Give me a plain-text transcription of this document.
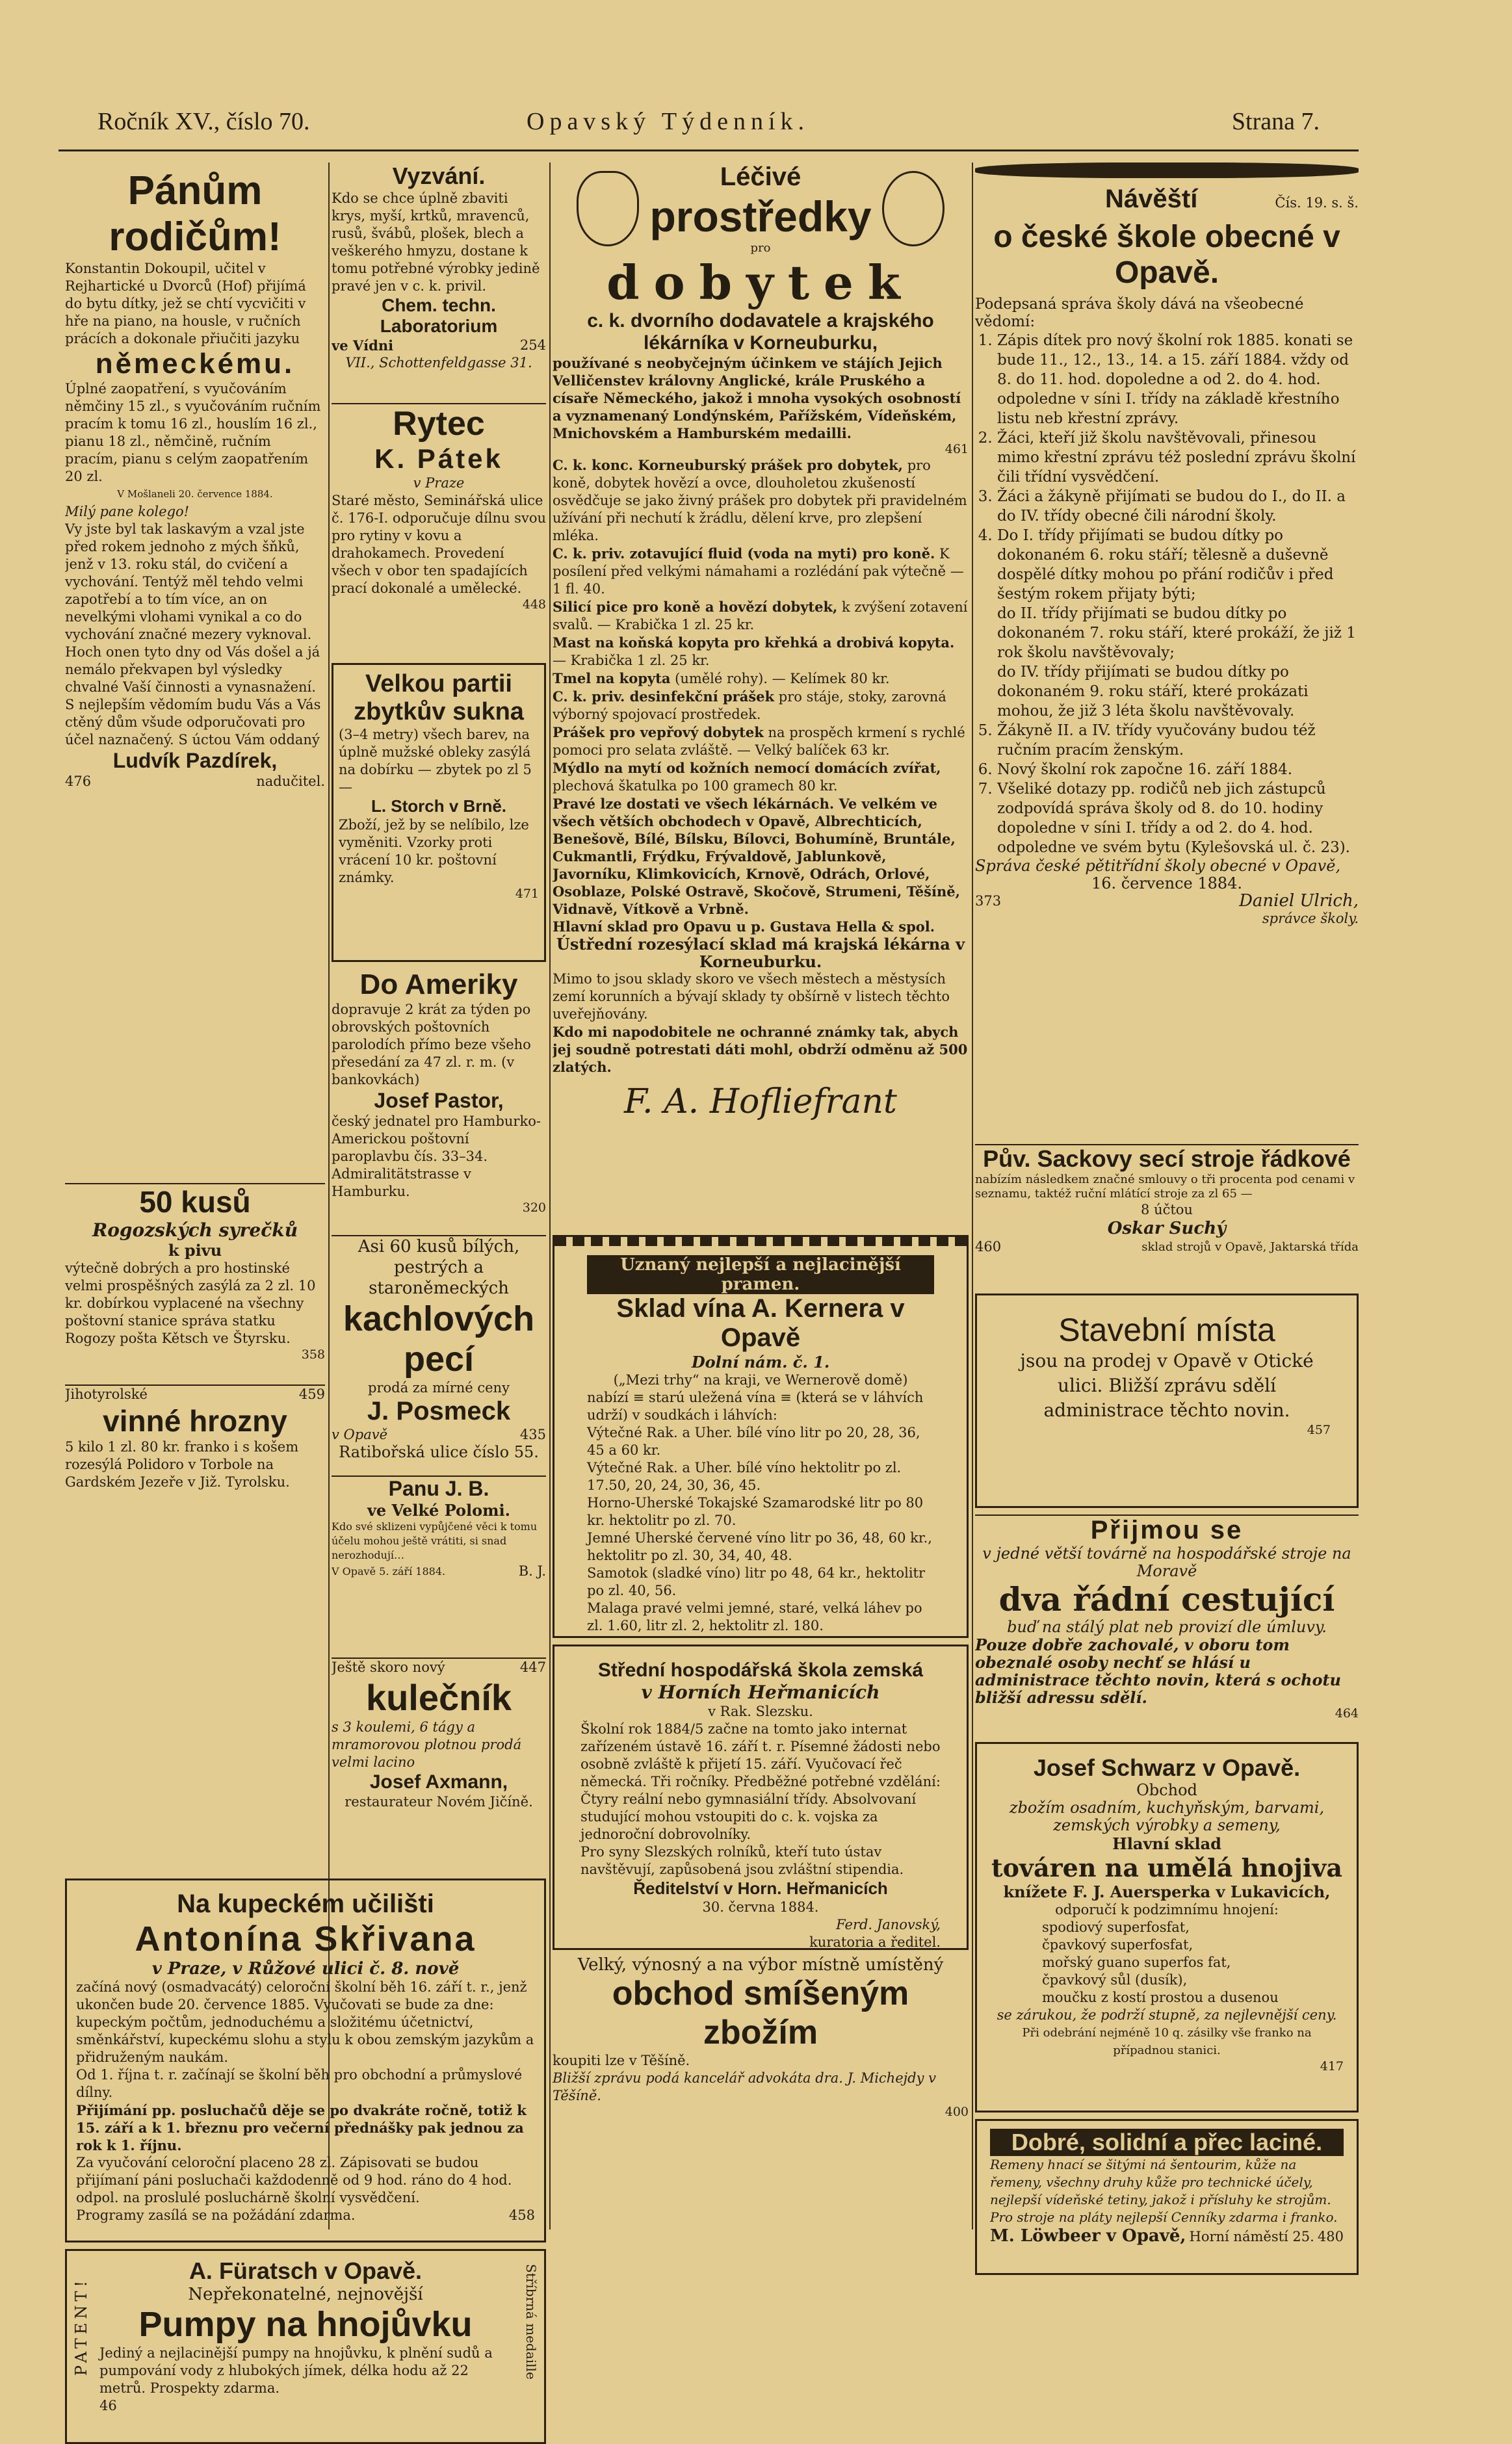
Ročník XV., číslo 70.	Opavský Týdenník.	Strana 7.
Pánům rodičům!

Konstantin Dokoupil, učitel v Rejhartické u Dvorců (Hof) přijímá do bytu dítky, jež se chtí vycvičiti v hře na piano, na housle, v ručních prácích a dokonale přiučiti jazyku

německému.

Úplné zaopatření, s vyučováním němčiny 15 zl., s vyučováním ručním pracím k tomu 16 zl., houslím 16 zl., pianu 18 zl., němčině, ručním pracím, pianu s celým zaopatřením 20 zl.

V Mošlaneli 20. července 1884.

Milý pane kolego!

Vy jste byl tak laskavým a vzal jste před rokem jednoho z mých šňků, jenž v 13. roku stál, do cvičení a vychování. Tentýž měl tehdo velmi zapotřebí a to tím více, an on nevelkými vlohami vynikal a co do vychování značné mezery vyknoval. Hoch onen tyto dny od Vás došel a já nemálo překvapen byl výsledky chvalné Vaší činnosti a vynasnažení.

S nejlepším vědomím budu Vás a Vás ctěný dům všude odporučovati pro účel naznačený. S úctou Vám oddaný

Ludvík Pazdírek,
476	nadučitel.
50 kusů
Rogozských syrečků
k pivu

výtečně dobrých a pro hostinské velmi prospěšných zasýlá za 2 zl. 10 kr. dobírkou vyplacené na všechny poštovní stanice správa statku Rogozy pošta Kětsch ve Štyrsku.

358
Jihotyrolské	459
vinné hrozny

5 kilo 1 zl. 80 kr. franko i s košem rozesýlá Polidoro v Torbole na Gardském Jezeře v Již. Tyrolsku.

Vyzvání.

Kdo se chce úplně zbaviti krys, myší, krtků, mravenců, rusů, švábů, plošek, blech a veškerého hmyzu, dostane k tomu potřebné výrobky jedině pravé jen v c. k. privil.

Chem. techn. Laboratorium
ve Vídni	254

VII., Schottenfeldgasse 31.

Rytec
K. Pátek
v Praze

Staré město, Seminářská ulice č. 176-I. odporučuje dílnu svou pro rytiny v kovu a drahokamech. Provedení všech v obor ten spadajících prací dokonalé a umělecké.

448
Velkou partii zbytkův sukna

(3–4 metry) všech barev, na úplně mužské obleky zasýlá na dobírku — zbytek po zl 5 —

L. Storch v Brně.

Zboží, jež by se nelíbilo, lze vyměniti. Vzorky proti vrácení 10 kr. poštovní známky.

471
Do Ameriky

dopravuje 2 krát za týden po obrovských poštovních parolodích přímo beze všeho přesedání za 47 zl. r. m. (v bankovkách)

Josef Pastor,

český jednatel pro Hamburko-Americkou poštovní paroplavbu čís. 33–34. Admiralitätstrasse v Hamburku.

320

Asi 60 kusů bílých, pestrých a staroněmeckých

kachlových pecí

prodá za mírné ceny

J. Posmeck
v Opavě	435
Ratibořská ulice číslo 55.
Panu J. B.
ve Velké Polomi.

Kdo své sklizeni vypůjčené věci k tomu účelu mohou ještě vrátiti, si snad nerozhodují…

V Opavě 5. září 1884.	B. J.
Ještě skoro nový	447
kulečník

s 3 koulemi, 6 tágy a mramorovou plotnou prodá velmi lacino

Josef Axmann,
restaurateur Novém Jičíně.
Na kupeckém učilišti
Antonína Skřivana
v Praze, v Růžové ulici č. 8. nově

začíná nový (osmadvacátý) celoroční školní běh 16. září t. r., jenž ukončen bude 20. července 1885. Vyučovati se bude za dne: kupeckým počtům, jednoduchému a složitému účetnictví, směnkářství, kupeckému slohu a stylu k obou zemským jazykům a přidruženým naukám.

Od 1. října t. r. začínají se školní běh pro obchodní a průmyslové dílny.

Přijímání pp. posluchačů děje se po dvakráte ročně, totiž k 15. září a k 1. březnu pro večerní přednášky pak jednou za rok k 1. říjnu.

Za vyučování celoroční placeno 28 zl. Zápisovati se budou přijímaní páni posluchači každodenně od 9 hod. ráno do 4 hod. odpol. na proslulé posluchárně školní vysvědčení.

Programy zasílá se na požádání zdarma.	458
PATENT!	Stříbrná medaille
A. Füratsch v Opavě.
Nepřekonatelné, nejnovější
Pumpy na hnojůvku

Jediný a nejlacinější pumpy na hnojůvku, k plnění sudů a pumpování vody z hlubokých jímek, délka hodu až 22 metrů. Prospekty zdarma.

46
Léčivé
prostředky
pro
dobytek
c. k. dvorního dodavatele a krajského lékárníka v Korneuburku,

používané s neobyčejným účinkem ve stájích Jejich Velličenstev královny Anglické, krále Pruského a císaře Německého, jakož i mnoha vysokých osobností a vyznamenaný Londýnském, Pařížském, Vídeňském, Mnichovském a Hamburském medailli.

461

C. k. konc. Korneuburský prášek pro dobytek, pro koně, dobytek hovězí a ovce, dlouholetou zkušeností osvědčuje se jako živný prášek pro dobytek při pravidelném užívání při nechutí k žrádlu, dělení krve, pro zlepšení mléka.

C. k. priv. zotavující fluid (voda na myti) pro koně. K posílení před velkými námahami a rozlédání pak výtečně — 1 fl. 40.

Silicí pice pro koně a hovězí dobytek, k zvýšení zotavení svalů. — Krabička 1 zl. 25 kr.

Mast na koňská kopyta pro křehká a drobivá kopyta. — Krabička 1 zl. 25 kr.

Tmel na kopyta (umělé rohy). — Kelímek 80 kr.

C. k. priv. desinfekční prášek pro stáje, stoky, zarovná výborný spojovací prostředek.

Prášek pro vepřový dobytek na prospěch krmení s rychlé pomoci pro selata zvláště. — Velký balíček 63 kr.

Mýdlo na mytí od kožních nemocí domácích zvířat, plechová škatulka po 100 gramech 80 kr.

Pravé lze dostati ve všech lékárnách. Ve velkém ve všech větších obchodech v Opavě, Albrechticích, Benešově, Bílé, Bílsku, Bílovci, Bohumíně, Bruntále, Cukmantli, Frýdku, Frývaldově, Jablunkově, Javorníku, Klimkovicích, Krnově, Odrách, Orlové, Osoblaze, Polské Ostravě, Skočově, Strumeni, Těšíně, Vidnavě, Vítkově a Vrbně.

Hlavní sklad pro Opavu u p. Gustava Hella & spol.

Ústřední rozesýlací sklad má krajská lékárna v Korneuburku.

Mimo to jsou sklady skoro ve všech městech a městysích zemí korunních a bývají sklady ty obšírně v listech těchto uveřejňovány.

Kdo mi napodobitele ne ochranné známky tak, abych jej soudně potrestati dáti mohl, obdrží odměnu až 500 zlatých.

F. A. Hofliefrant
Uznaný nejlepší a nejlacinější pramen.
Sklad vína A. Kernera v Opavě
Dolní nám. č. 1.
(„Mezi trhy“ na kraji, ve Wernerově domě)

nabízí ≡ starú uležená vína ≡ (která se v láhvích udrží) v soudkách i láhvích:

Výtečné Rak. a Uher. bílé víno litr po 20, 28, 36, 45 a 60 kr.

Výtečné Rak. a Uher. bílé víno hektolitr po zl. 17.50, 20, 24, 30, 36, 45.

Horno-Uherské Tokajské Szamarodské litr po 80 kr. hektolitr po zl. 70.

Jemné Uherské červené víno litr po 36, 48, 60 kr., hektolitr po zl. 30, 34, 40, 48.

Samotok (sladké víno) litr po 48, 64 kr., hektolitr po zl. 40, 56.

Malaga pravé velmi jemné, staré, velká láhev po zl. 1.60, litr zl. 2, hektolitr zl. 180.

Střední hospodářská škola zemská
v Horních Heřmanicích
v Rak. Slezsku.

Školní rok 1884/5 začne na tomto jako internat zařízeném ústavě 16. září t. r. Písemné žádosti nebo osobně zvláště k přijetí 15. září. Vyučovací řeč německá. Tři ročníky. Předběžné potřebné vzdělání: Čtyry reální nebo gymnasiální třídy. Absolvovaní studující mohou vstoupiti do c. k. vojska za jednoroční dobrovolníky.

Pro syny Slezských rolníků, kteří tuto ústav navštěvují, zapůsobená jsou zvláštní stipendia.

Ředitelství v Horn. Heřmanicích
30. června 1884.
Ferd. Janovský,
kuratoria a ředitel.

Velký, výnosný a na výbor místně umístěný

obchod smíšeným zbožím

koupiti lze v Těšíně.

Bližší zprávu podá kancelář advokáta dra. J. Michejdy v Těšíně.

400
Návěští	Čís. 19. s. š.
o české škole obecné v Opavě.

Podepsaná správa školy dává na všeobecné vědomí:

1. Zápis dítek pro nový školní rok 1885. konati se bude 11., 12., 13., 14. a 15. září 1884. vždy od 8. do 11. hod. dopoledne a od 2. do 4. hod. odpoledne v síni I. třídy na základě křestního listu neb křestní zprávy.
2. Žáci, kteří již školu navštěvovali, přinesou mimo křestní zprávu též poslední zprávu školní čili třídní vysvědčení.
3. Žáci a žákyně přijímati se budou do I., do II. a do IV. třídy obecné čili národní školy.
4. Do I. třídy přijímati se budou dítky po dokonaném 6. roku stáří; tělesně a duševně dospělé dítky mohou po přání rodičův i před šestým rokem přijaty býti;
do II. třídy přijímati se budou dítky po dokonaném 7. roku stáří, které prokáží, že již 1 rok školu navštěvovaly;
do IV. třídy přijímati se budou dítky po dokonaném 9. roku stáří, které prokázati mohou, že již 3 léta školu navštěvovaly.
5. Žákyně II. a IV. třídy vyučovány budou též ručním pracím ženským.
6. Nový školní rok započne 16. září 1884.
7. Všeliké dotazy pp. rodičů neb jich zástupců zodpovídá správa školy od 8. do 10. hodiny dopoledne v síni I. třídy a od 2. do 4. hod. odpoledne ve svém bytu (Kylešovská ul. č. 23).

Správa české pětitřídní školy obecné v Opavě,

16. července 1884.

373	Daniel Ulrich,
správce školy.
Pův. Sackovy secí stroje řádkové

nabízím následkem značné smlouvy o tři procenta pod cenami v seznamu, taktéž ruční mlátící stroje za zl 65 —

8 účtou
Oskar Suchý
460	sklad strojů v Opavě, Jaktarská třída
Stavební místa

jsou na prodej v Opavě v Otické ulici. Bližší zprávu sdělí administrace těchto novin.

457
Přijmou se

v jedné větší továrně na hospodářské stroje na Moravě

dva řádní cestující

buď na stálý plat neb provizí dle úmluvy.

Pouze dobře zachovalé, v oboru tom obeznalé osoby nechť se hlásí u administrace těchto novin, která s ochotu bližší adressu sdělí.

464
Josef Schwarz v Opavě.
Obchod

zbožím osadním, kuchyňským, barvami, zemských výrobky a semeny,

Hlavní sklad
továren na umělá hnojiva
knížete F. J. Auersperka v Lukavicích,
odporučí k podzimnímu hnojení:
spodiový superfosfat,
čpavkový superfosfat,
mořský guano superfos fat,
čpavkový sůl (dusík),
moučku z kostí prostou a dusenou

se zárukou, že podrží stupně, za nejlevnější ceny.

Při odebrání nejméně 10 q. zásilky vše franko na případnou stanici.

417
Dobré, solidní a přec laciné.

Remeny hnací se šitými ná šentourim, kůže na řemeny, všechny druhy kůže pro technické účely, nejlepší vídeňské tetiny, jakož i přísluhy ke strojům. Pro stroje na pláty nejlepší Cenníky zdarma i franko.

M. Löwbeer v Opavě, Horní náměstí 25. 480
